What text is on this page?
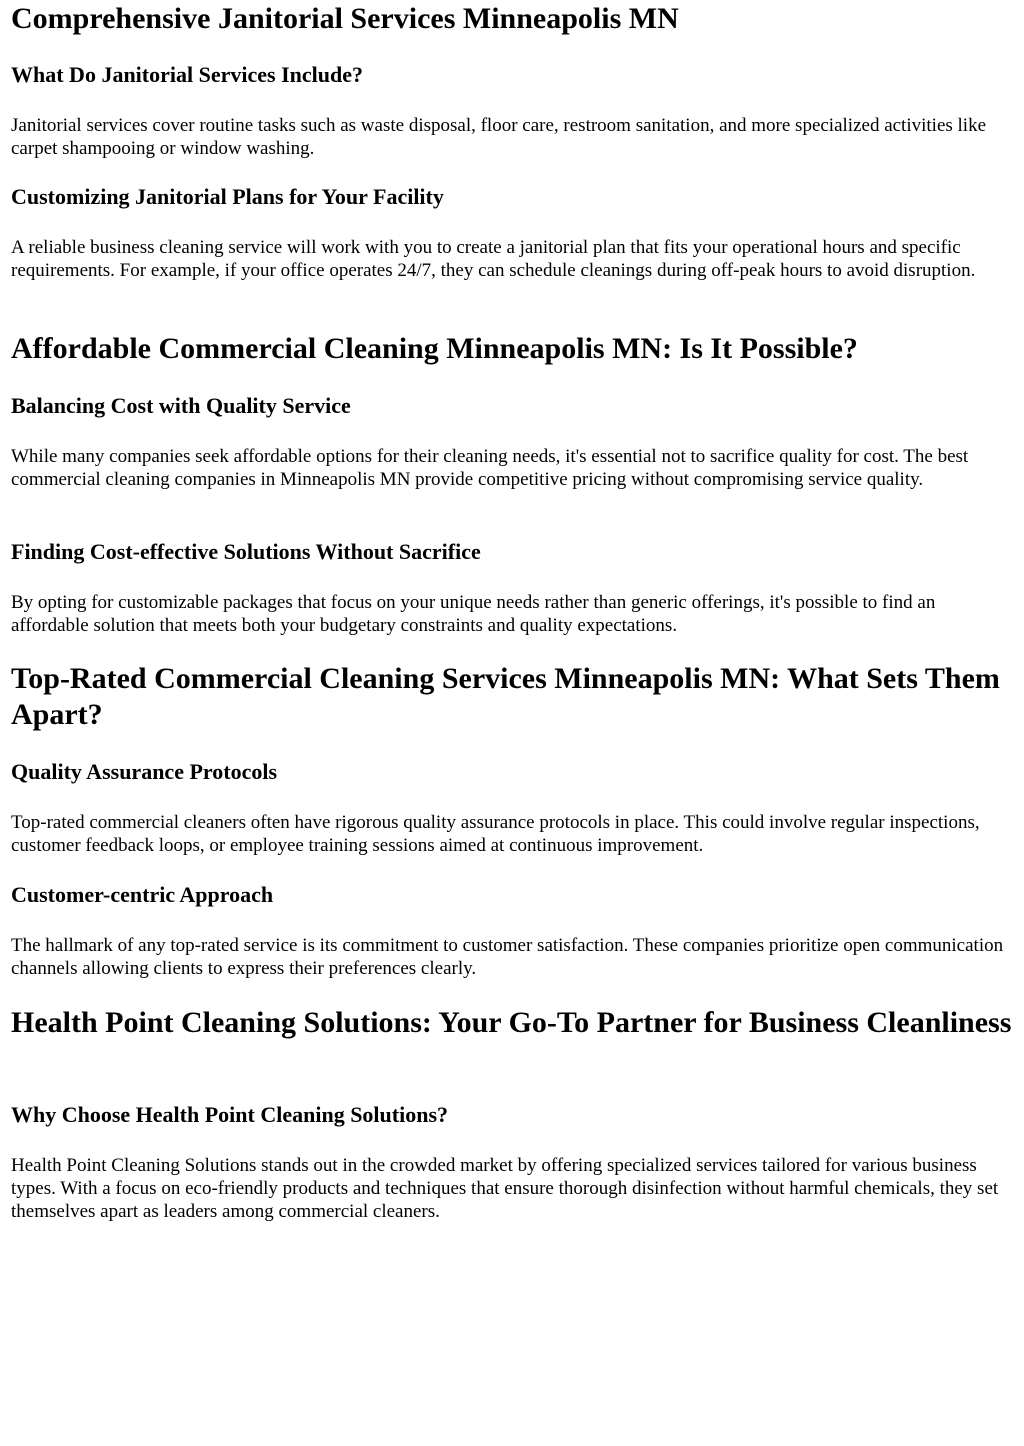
Comprehensive Janitorial Services Minneapolis MN
What Do Janitorial Services Include?

Janitorial services cover routine tasks such as waste disposal, floor care, restroom sanitation, and more specialized activities like carpet shampooing or window washing.

Customizing Janitorial Plans for Your Facility

A reliable business cleaning service will work with you to create a janitorial plan that fits your operational hours and specific requirements. For example, if your office operates 24/7, they can schedule cleanings during off-peak hours to avoid disruption.

Affordable Commercial Cleaning Minneapolis MN: Is It Possible?
Balancing Cost with Quality Service

While many companies seek affordable options for their cleaning needs, it's essential not to sacrifice quality for cost. The best commercial cleaning companies in Minneapolis MN provide competitive pricing without compromising service quality.

Finding Cost-effective Solutions Without Sacrifice

By opting for customizable packages that focus on your unique needs rather than generic offerings, it's possible to find an affordable solution that meets both your budgetary constraints and quality expectations.

Top-Rated Commercial Cleaning Services Minneapolis MN: What Sets Them Apart?
Quality Assurance Protocols

Top-rated commercial cleaners often have rigorous quality assurance protocols in place. This could involve regular inspections, customer feedback loops, or employee training sessions aimed at continuous improvement.

Customer-centric Approach

The hallmark of any top-rated service is its commitment to customer satisfaction. These companies prioritize open communication channels allowing clients to express their preferences clearly.

Health Point Cleaning Solutions: Your Go-To Partner for Business Cleanliness
Why Choose Health Point Cleaning Solutions?

Health Point Cleaning Solutions stands out in the crowded market by offering specialized services tailored for various business types. With a focus on eco-friendly products and techniques that ensure thorough disinfection without harmful chemicals, they set themselves apart as leaders among commercial cleaners.
